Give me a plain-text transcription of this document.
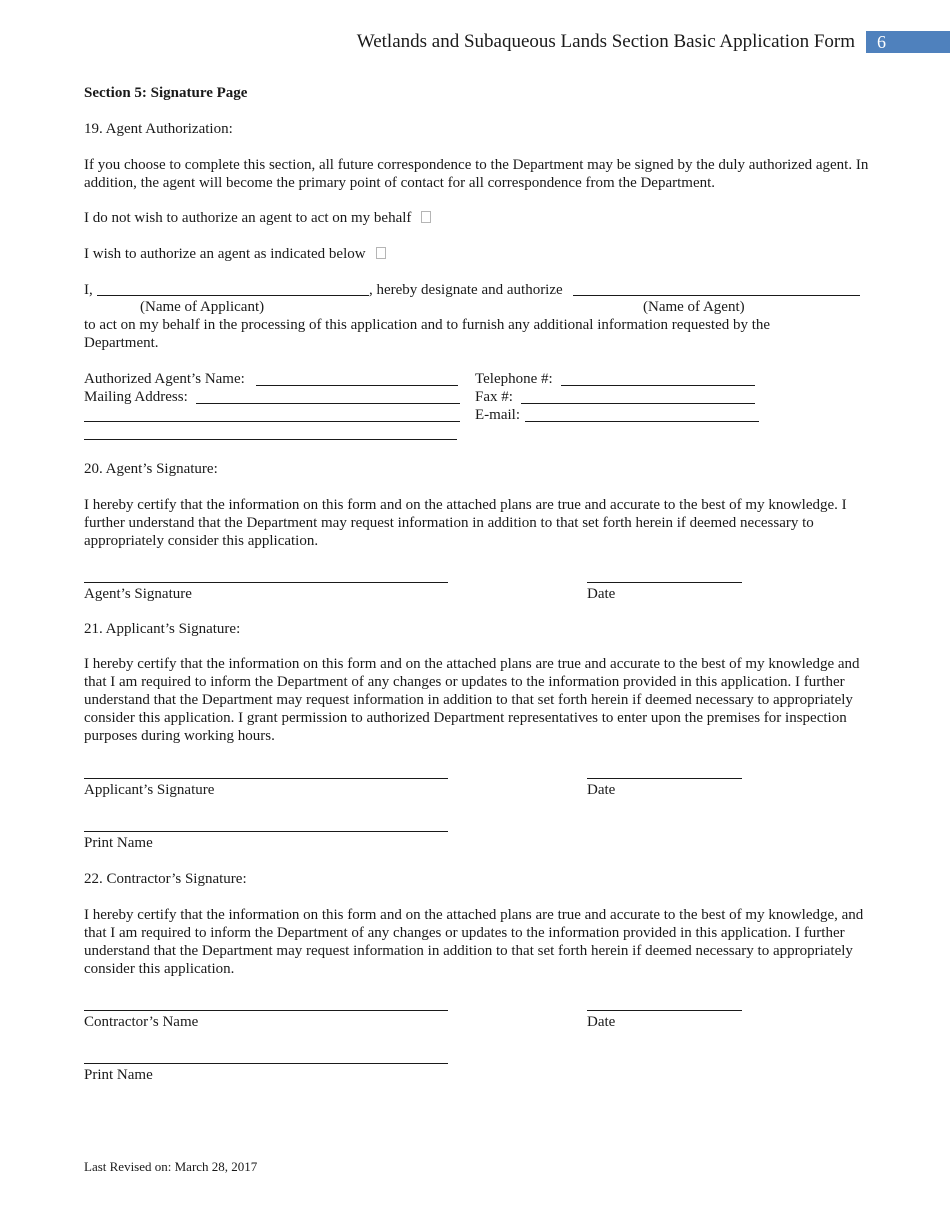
Wetlands and Subaqueous Lands Section Basic Application Form	6
Section 5: Signature Page
19. Agent Authorization:
If you choose to complete this section, all future correspondence to the Department may be signed by the duly authorized agent. In addition, the agent will become the primary point of contact for all correspondence from the Department.
I do not wish to authorize an agent to act on my behalf
I wish to authorize an agent as indicated below
I,	, hereby designate and authorize
(Name of Applicant)	(Name of Agent)
to act on my behalf in the processing of this application and to furnish any additional information requested by the Department.
Authorized Agent’s Name:
Mailing Address:
Telephone #:
Fax #:
E-mail:
20. Agent’s Signature:
I hereby certify that the information on this form and on the attached plans are true and accurate to the best of my knowledge. I further understand that the Department may request information in addition to that set forth herein if deemed necessary to appropriately consider this application.
Agent’s Signature	Date
21. Applicant’s Signature:
I hereby certify that the information on this form and on the attached plans are true and accurate to the best of my knowledge and that I am required to inform the Department of any changes or updates to the information provided in this application. I further understand that the Department may request information in addition to that set forth herein if deemed necessary to appropriately consider this application. I grant permission to authorized Department representatives to enter upon the premises for inspection purposes during working hours.
Applicant’s Signature	Date
Print Name
22. Contractor’s Signature:
I hereby certify that the information on this form and on the attached plans are true and accurate to the best of my knowledge, and that I am required to inform the Department of any changes or updates to the information provided in this application. I further understand that the Department may request information in addition to that set forth herein if deemed necessary to appropriately consider this application.
Contractor’s Name	Date
Print Name
Last Revised on: March 28, 2017
